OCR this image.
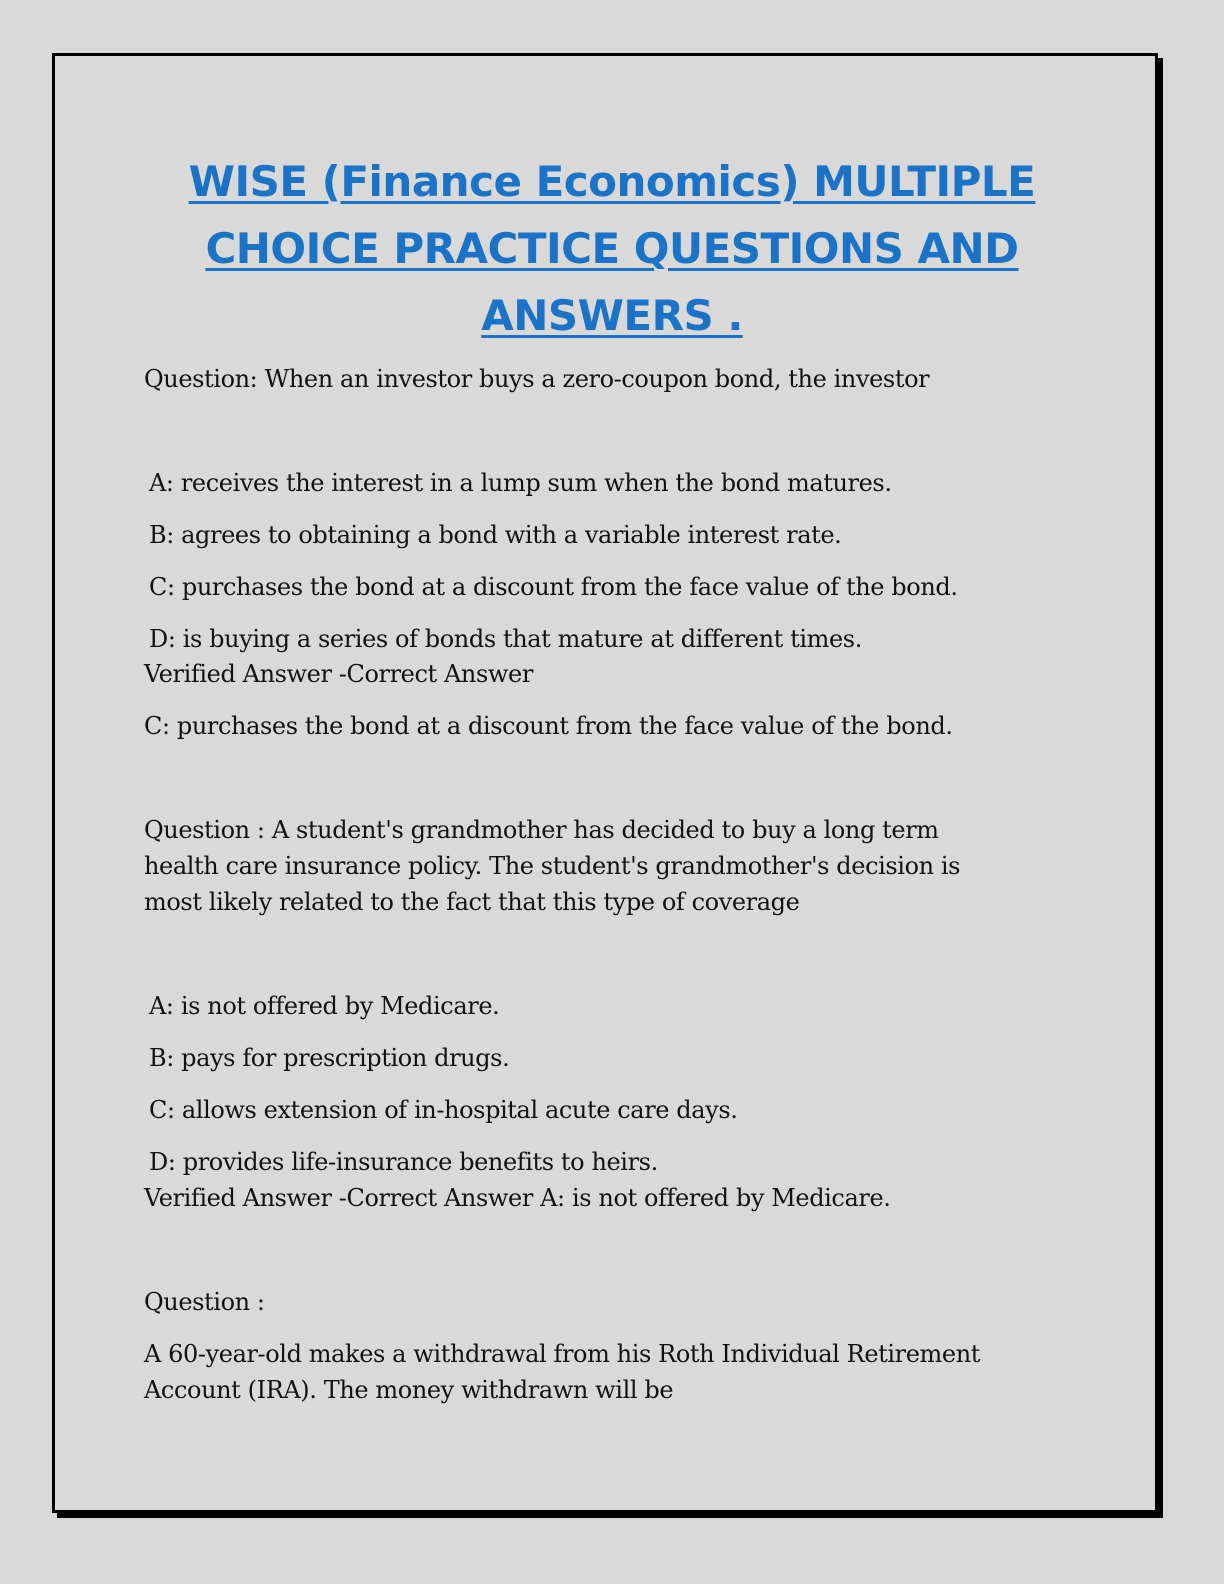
WISE (Finance Economics) MULTIPLE CHOICE PRACTICE QUESTIONS AND ANSWERS .

Question: When an investor buys a zero-coupon bond, the investor

A: receives the interest in a lump sum when the bond matures.

B: agrees to obtaining a bond with a variable interest rate.

C: purchases the bond at a discount from the face value of the bond.

D: is buying a series of bonds that mature at different times.

Verified Answer -Correct Answer

C: purchases the bond at a discount from the face value of the bond.

Question : A student's grandmother has decided to buy a long term

health care insurance policy. The student's grandmother's decision is

most likely related to the fact that this type of coverage

A: is not offered by Medicare.

B: pays for prescription drugs.

C: allows extension of in-hospital acute care days.

D: provides life-insurance benefits to heirs.

Verified Answer -Correct Answer A: is not offered by Medicare.

Question :

A 60-year-old makes a withdrawal from his Roth Individual Retirement

Account (IRA). The money withdrawn will be
